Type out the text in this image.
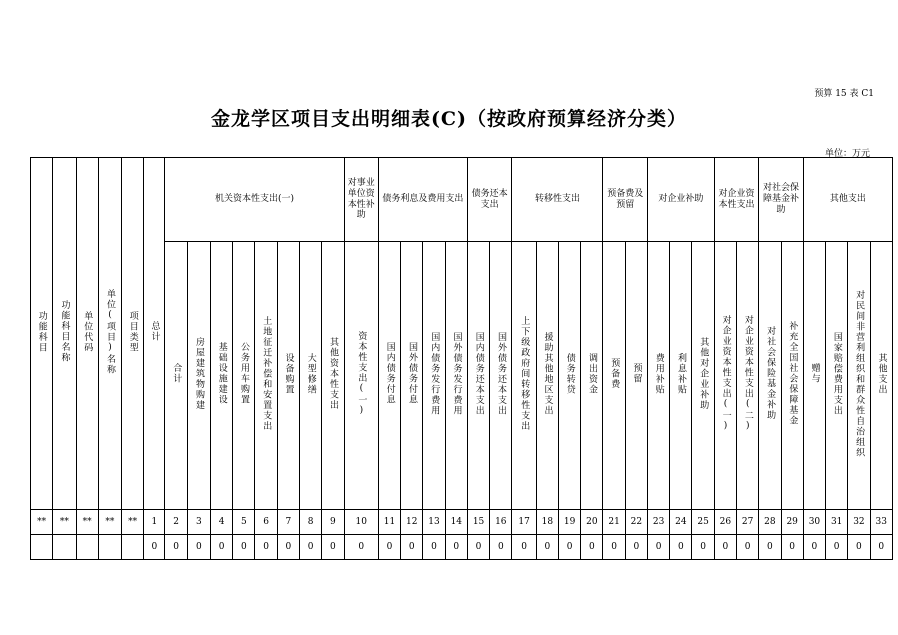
预算 15 表 C1
金龙学区项目支出明细表(C)（按政府预算经济分类）
单位：万元
功能科目	功能科目名称	单位代码	单位(项目)名称	项目类型	总计	机关资本性支出(一)								对事业单位资本性补助	债务利息及费用支出				债务还本支出		转移性支出				预备费及预留		对企业补助			对企业资本性支出		对社会保障基金补助		其他支出			
						合计	房屋建筑物购建	基础设施建设	公务用车购置	土地征迁补偿和安置支出	设备购置	大型修缮	其他资本性支出	资本性支出(一)	国内债务付息	国外债务付息	国内债务发行费用	国外债务发行费用	国内债务还本支出	国外债务还本支出	上下级政府间转移性支出	援助其他地区支出	债务转贷	调出资金	预备费	预留	费用补贴	利息补贴	其他对企业补助	对企业资本性支出(一)	对企业资本性支出(二)	对社会保险基金补助	补充全国社会保障基金	赠与	国家赔偿费用支出	对民间非营利组织和群众性自治组织	其他支出
**	**	**	**	**	1	2	3	4	5	6	7	8	9	10	11	12	13	14	15	16	17	18	19	20	21	22	23	24	25	26	27	28	29	30	31	32	33
					0	0	0	0	0	0	0	0	0	0	0	0	0	0	0	0	0	0	0	0	0	0	0	0	0	0	0	0	0	0	0	0	0
